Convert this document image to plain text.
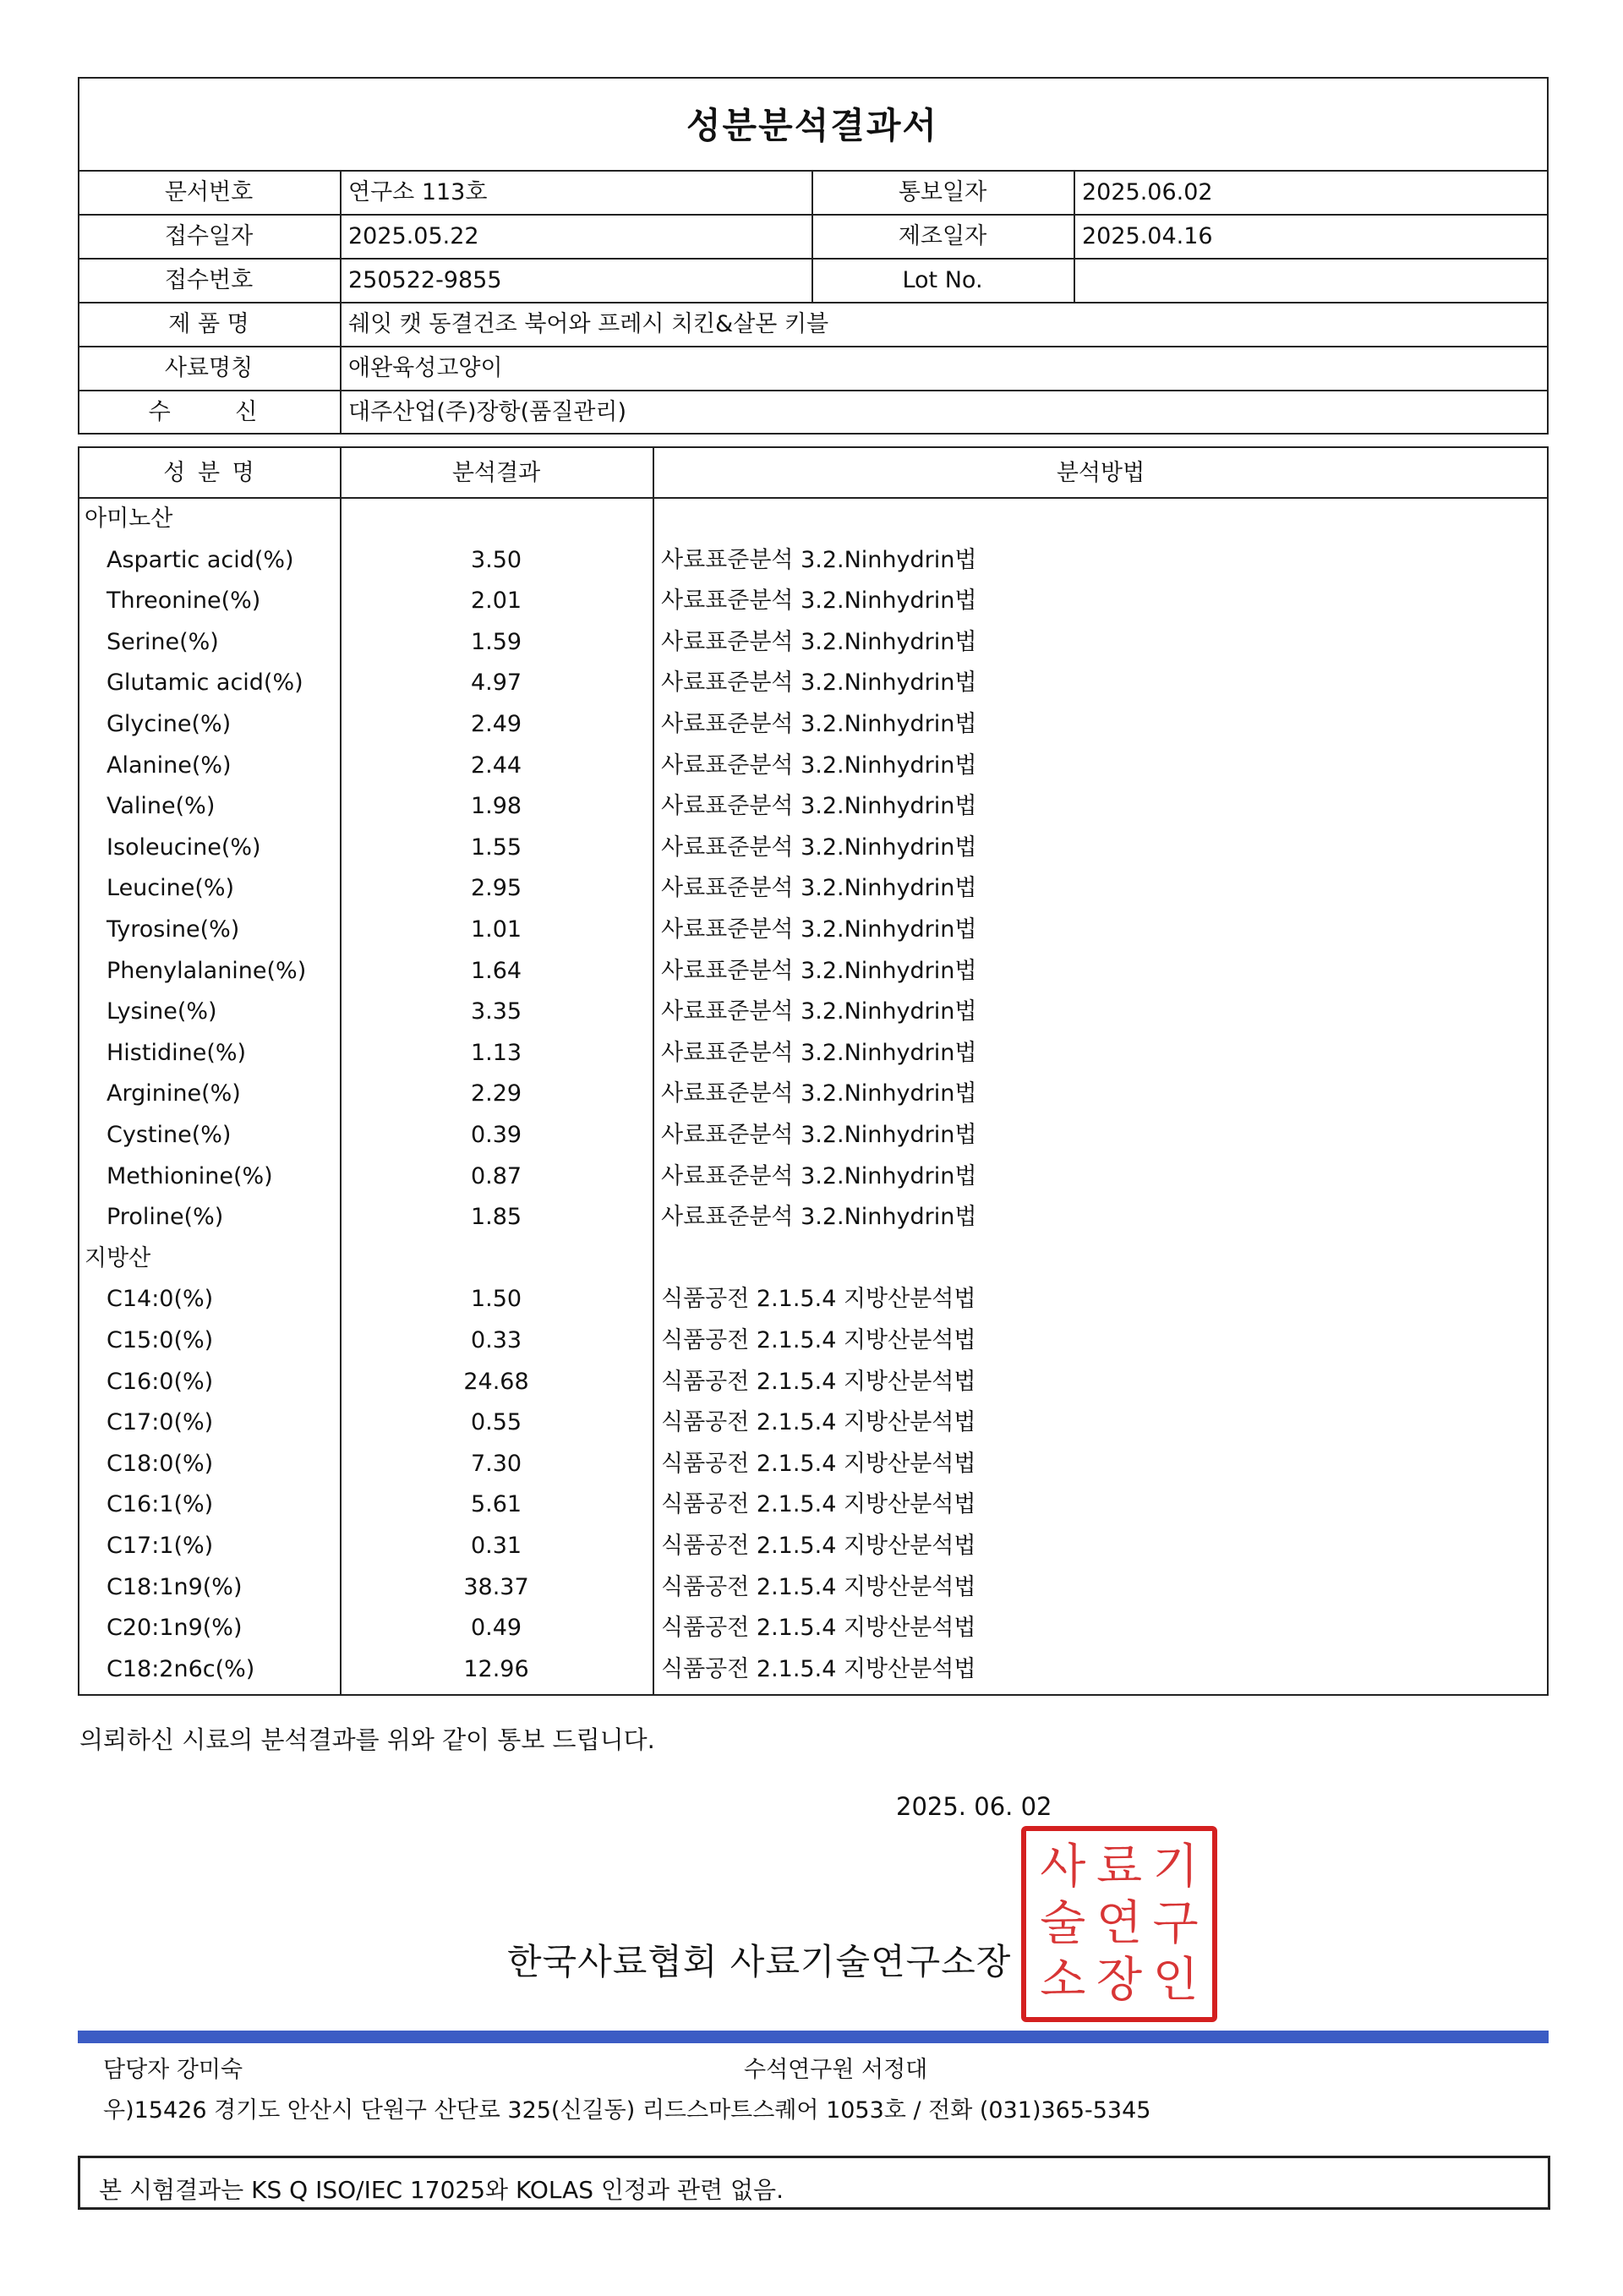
성분분석결과서
문서번호	연구소 113호	통보일자	2025.06.02
접수일자	2025.05.22	제조일자	2025.04.16
접수번호	250522-9855	Lot No.
제 품 명	쉐잇 캣 동결건조 북어와 프레시 치킨&살몬 키블
사료명칭	애완육성고양이
수 신	대주산업(주)장항(품질관리)
성 분 명	분석결과	분석방법
아미노산
Aspartic acid(%)	3.50	사료표준분석 3.2.Ninhydrin법
Threonine(%)	2.01	사료표준분석 3.2.Ninhydrin법
Serine(%)	1.59	사료표준분석 3.2.Ninhydrin법
Glutamic acid(%)	4.97	사료표준분석 3.2.Ninhydrin법
Glycine(%)	2.49	사료표준분석 3.2.Ninhydrin법
Alanine(%)	2.44	사료표준분석 3.2.Ninhydrin법
Valine(%)	1.98	사료표준분석 3.2.Ninhydrin법
Isoleucine(%)	1.55	사료표준분석 3.2.Ninhydrin법
Leucine(%)	2.95	사료표준분석 3.2.Ninhydrin법
Tyrosine(%)	1.01	사료표준분석 3.2.Ninhydrin법
Phenylalanine(%)	1.64	사료표준분석 3.2.Ninhydrin법
Lysine(%)	3.35	사료표준분석 3.2.Ninhydrin법
Histidine(%)	1.13	사료표준분석 3.2.Ninhydrin법
Arginine(%)	2.29	사료표준분석 3.2.Ninhydrin법
Cystine(%)	0.39	사료표준분석 3.2.Ninhydrin법
Methionine(%)	0.87	사료표준분석 3.2.Ninhydrin법
Proline(%)	1.85	사료표준분석 3.2.Ninhydrin법
지방산
C14:0(%)	1.50	식품공전 2.1.5.4 지방산분석법
C15:0(%)	0.33	식품공전 2.1.5.4 지방산분석법
C16:0(%)	24.68	식품공전 2.1.5.4 지방산분석법
C17:0(%)	0.55	식품공전 2.1.5.4 지방산분석법
C18:0(%)	7.30	식품공전 2.1.5.4 지방산분석법
C16:1(%)	5.61	식품공전 2.1.5.4 지방산분석법
C17:1(%)	0.31	식품공전 2.1.5.4 지방산분석법
C18:1n9(%)	38.37	식품공전 2.1.5.4 지방산분석법
C20:1n9(%)	0.49	식품공전 2.1.5.4 지방산분석법
C18:2n6c(%)	12.96	식품공전 2.1.5.4 지방산분석법
의뢰하신 시료의 분석결과를 위와 같이 통보 드립니다.
2025. 06. 02
사 료 기
술 연 구
소 장 인
한국사료협회 사료기술연구소장
담당자 강미숙	수석연구원 서정대
우)15426 경기도 안산시 단원구 산단로 325(신길동) 리드스마트스퀘어 1053호 / 전화 (031)365-5345
본 시험결과는 KS Q ISO/IEC 17025와 KOLAS 인정과 관련 없음.
